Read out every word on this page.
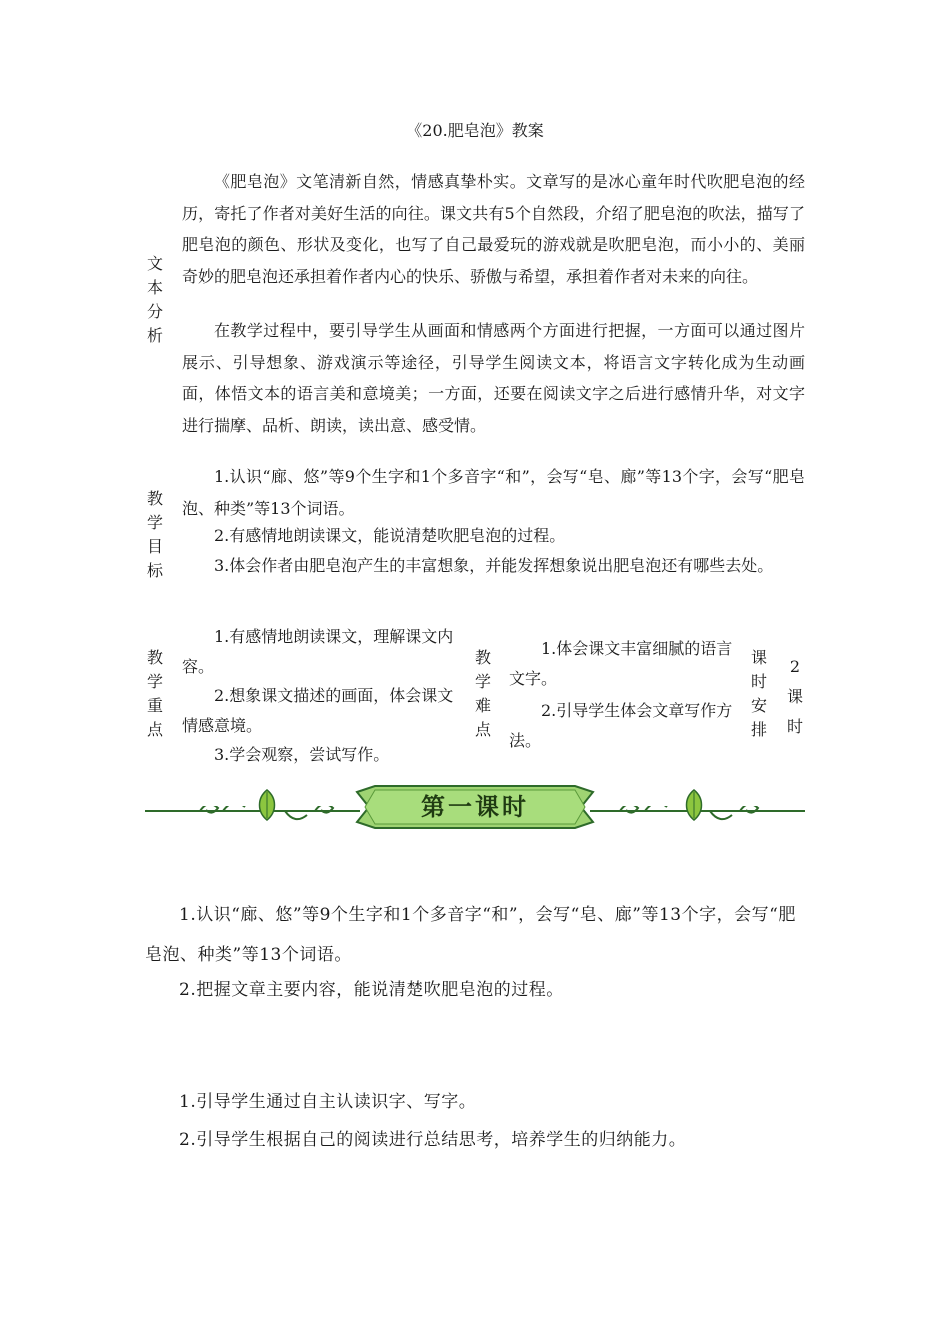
《20.肥皂泡》教案
文
本
分
析
《肥皂泡》文笔清新自然，情感真挚朴实。文章写的是冰心童年时代吹肥皂泡的经历，寄托了作者对美好生活的向往。课文共有5个自然段，介绍了肥皂泡的吹法，描写了肥皂泡的颜色、形状及变化，也写了自己最爱玩的游戏就是吹肥皂泡，而小小的、美丽奇妙的肥皂泡还承担着作者内心的快乐、骄傲与希望，承担着作者对未来的向往。
在教学过程中，要引导学生从画面和情感两个方面进行把握，一方面可以通过图片展示、引导想象、游戏演示等途径，引导学生阅读文本，将语言文字转化成为生动画面，体悟文本的语言美和意境美；一方面，还要在阅读文字之后进行感情升华，对文字进行揣摩、品析、朗读，读出意、感受情。
教
学
目
标
1.认识“廊、悠”等9个生字和1个多音字“和”，会写“皂、廊”等13个字，会写“肥皂泡、种类”等13个词语。
2.有感情地朗读课文，能说清楚吹肥皂泡的过程。
3.体会作者由肥皂泡产生的丰富想象，并能发挥想象说出肥皂泡还有哪些去处。
教
学
重
点
1.有感情地朗读课文，理解课文内容。
2.想象课文描述的画面，体会课文情感意境。
3.学会观察，尝试写作。
教
学
难
点
1.体会课文丰富细腻的语言文字。
2.引导学生体会文章写作方法。
课
时
安
排
2
课
时
第一课时
1.认识“廊、悠”等9个生字和1个多音字“和”，会写“皂、廊”等13个字，会写“肥皂泡、种类”等13个词语。
2.把握文章主要内容，能说清楚吹肥皂泡的过程。
1.引导学生通过自主认读识字、写字。
2.引导学生根据自己的阅读进行总结思考，培养学生的归纳能力。
